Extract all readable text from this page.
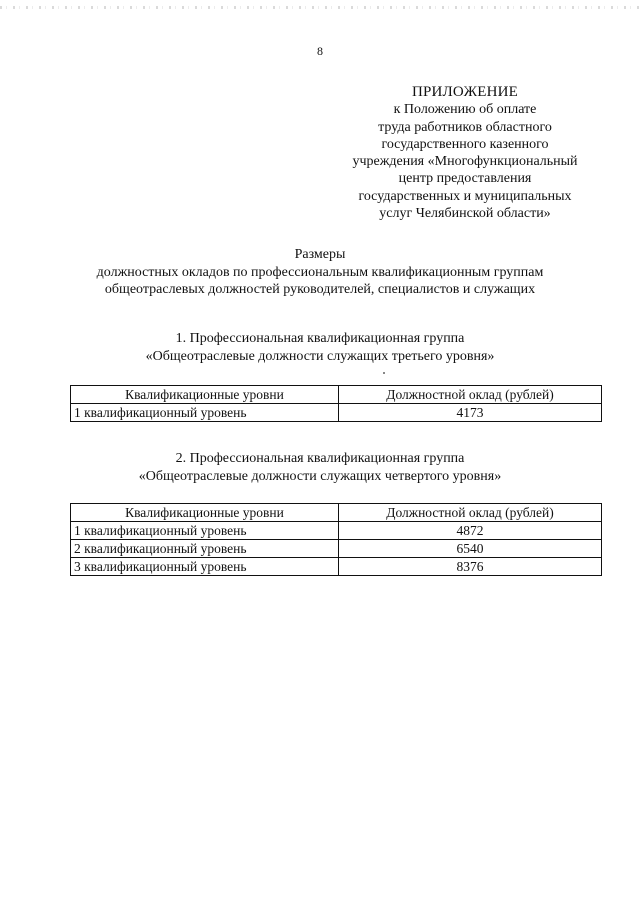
8
ПРИЛОЖЕНИЕ
к Положению об оплате
труда работников областного
государственного казенного
учреждения «Многофункциональный
центр предоставления
государственных и муниципальных
услуг Челябинской области»
Размеры
должностных окладов по профессиональным квалификационным группам
общеотраслевых должностей руководителей, специалистов и служащих
1. Профессиональная квалификационная группа
«Общеотраслевые должности служащих третьего уровня»
Квалификационные уровни	Должностной оклад (рублей)
1 квалификационный уровень	4173
2. Профессиональная квалификационная группа
«Общеотраслевые должности служащих четвертого уровня»
Квалификационные уровни	Должностной оклад (рублей)
1 квалификационный уровень	4872
2 квалификационный уровень	6540
3 квалификационный уровень	8376
